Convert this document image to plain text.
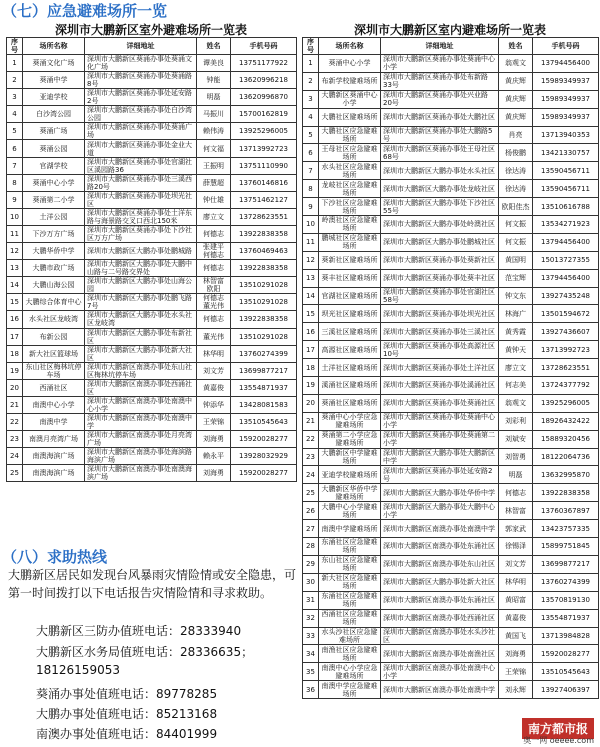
（七）应急避难场所一览
深圳市大鹏新区室外避难场所一览表
序号	场所名称	详细地址	姓名	手机号码
1	葵涌文化广场	深圳市大鹏新区葵涌办事处葵涌文化广场	谭美良	13751177922
2	葵涌中学	深圳市大鹏新区葵涌办事处葵涌路8号	钟能	13620996218
3	亚迪学校	深圳市大鹏新区葵涌办事处延安路2号	明磊	13620996870
4	白沙湾公园	深圳市大鹏新区葵涌办事处白沙湾公园	马振川	15700162819
5	葵涌广场	深圳市大鹏新区葵涌办事处葵涌广场	赖伟涛	13925296005
6	葵涌公园	深圳市大鹏新区葵涌办事处金业大道	何文福	13713992723
7	官湖学校	深圳市大鹏新区葵涌办事处官湖社区溪园路36	王振明	13751110990
8	葵涌中心小学	深圳市大鹏新区葵涌办事处三溪西路20号	薛慧超	13760146816
9	葵涌第二小学	深圳市大鹏新区葵涌办事处坝光社区	钟仕雄	13751462127
10	土洋公园	深圳市大鹏新区葵涌办事处土洋东路与海景路交叉口西北150米	廖立文	13728623551
11	下沙万方广场	深圳市大鹏新区葵涌办事处下沙社区万方广场	何德志	13922838358
12	大鹏华侨中学	深圳市大鹏新区大鹏办事处鹏城路	张建平 何德志	13760469463
13	大鹏市政广场	深圳市大鹏新区大鹏办事处大鹏中山路与二号路交界处	何德志	13922838358
14	大鹏山海公园	深圳市大鹏新区大鹏办事处山海公园	林智富 欧阳	13510291028
15	大鹏综合体育中心	深圳市大鹏新区大鹏办事处鹏飞路7号	何德志 董光伟	13510291028
16	水头社区龙岐湾	深圳市大鹏新区大鹏办事处水头社区龙岐湾	何德志	13922838358
17	布新公园	深圳市大鹏新区大鹏办事处布新社区	董光伟	13510291028
18	新大社区篮球场	深圳市大鹏新区大鹏办事处新大社区	林华明	13760274399
19	东山社区梅林坑停车场	深圳市大鹏新区南澳办事处东山社区梅林坑停车场	刘文芳	13699877217
20	西涌社区	深圳市大鹏新区南澳办事处西涌社区	黄嘉俊	13554871937
21	南澳中心小学	深圳市大鹏新区南澳办事处南澳中心小学	钟添华	13428081583
22	南澳中学	深圳市大鹏新区南澳办事处南澳中学	王荣锦	13510545643
23	南澳月亮湾广场	深圳市大鹏新区南澳办事处月亮湾广场	刘海勇	15920028277
24	南澳海滨广场	深圳市大鹏新区南澳办事处海滨路海滨广场	赖永平	13928032929
25	南澳海滨广场	深圳市大鹏新区南澳办事处南澳海滨广场	刘海勇	15920028277
深圳市大鹏新区室内避难场所一览表
序号	场所名称	详细地址	姓名	手机号码
1	葵涌中心小学	深圳市大鹏新区葵涌办事处葵涌中心小学	翁观文	13794456400
2	布新学校避难场所	深圳市大鹏新区葵涌办事处布新路33号	黄庆辉	15989349937
3	大鹏新区葵涌中心小学	深圳市大鹏新区葵涌办事处兴业路20号	黄庆辉	15989349937
4	大鹏社区避难场所	深圳市大鹏新区葵涌办事处大鹏社区	黄庆辉	15989349937
5	大鹏社区应急避难场所	深圳市大鹏新区葵涌办事处大鹏路5号	肖亮	13713940353
6	王母社区应急避难场所	深圳市大鹏新区葵涌办事处王母社区68号	杨俊鹏	13421330757
7	水头社区应急避难场所	深圳市大鹏新区大鹏办事处水头社区	徐达涛	13590456711
8	龙岐社区应急避难场所	深圳市大鹏新区大鹏办事处龙岐社区	徐达涛	13590456711
9	下沙社区应急避难场所	深圳市大鹏新区大鹏办事处下沙社区55号	欧阳佳杰	13510616788
10	岭澳社区应急避难场所	深圳市大鹏新区大鹏办事处岭澳社区	何文振	13534271923
11	鹏城社区应急避难场所	深圳市大鹏新区大鹏办事处鹏城社区	何文振	13794456400
12	葵新社区避难场所	深圳市大鹏新区葵涌办事处葵新社区	黄国明	15013727355
13	葵丰社区避难场所	深圳市大鹏新区葵涌办事处葵丰社区	范宝辉	13794456400
14	官湖社区避难场所	深圳市大鹏新区葵涌办事处官湖社区58号	钟文东	13927435248
15	坝光社区避难场所	深圳市大鹏新区葵涌办事处坝光社区	林海广	13501594672
16	三溪社区避难场所	深圳市大鹏新区葵涌办事处三溪社区	黄秀霞	13927436607
17	高源社区避难场所	深圳市大鹏新区葵涌办事处高源社区10号	黄钟天	13713992723
18	土洋社区避难场所	深圳市大鹏新区葵涌办事处土洋社区	廖立文	13728623551
19	溪涌社区避难场所	深圳市大鹏新区葵涌办事处溪涌社区	何志美	13724377792
20	葵涌社区避难场所	深圳市大鹏新区葵涌办事处葵涌社区	翁观文	13925296005
21	葵涌中心小学应急避难场所	深圳市大鹏新区葵涌办事处葵涌中心小学	刘彩利	18926432422
22	葵涌第二小学应急避难场所	深圳市大鹏新区葵涌办事处葵涌第二小学	刘斌安	15889320456
23	大鹏新区中学避难场所	深圳市大鹏新区大鹏办事处大鹏新区中学	刘智勇	18122064736
24	亚迪学校避难场所	深圳市大鹏新区葵涌办事处延安路2号	明磊	13632995870
25	大鹏新区华侨中学避难场所	深圳市大鹏新区大鹏办事处华侨中学	何德志	13922838358
26	大鹏中心小学避难场所	深圳市大鹏新区大鹏办事处大鹏中心小学	林智富	13760367897
27	南澳中学避难场所	深圳市大鹏新区南澳办事处南澳中学	郭家武	13423757335
28	东涌社区应急避难场所	深圳市大鹏新区南澳办事处东涌社区	徐锡泽	15899751845
29	东山社区应急避难场所	深圳市大鹏新区南澳办事处东山社区	刘文芳	13699877217
30	新大社区应急避难场所	深圳市大鹏新区大鹏办事处新大社区	林华明	13760274399
31	东涌社区应急避难场所	深圳市大鹏新区南澳办事处东涌社区	黄昭富	13570819130
32	西涌社区应急避难场所	深圳市大鹏新区南澳办事处西涌社区	黄嘉俊	13554871937
33	水头沙社区应急避难场所	深圳市大鹏新区南澳办事处水头沙社区	黄国飞	13713984828
34	南渔社区应急避难场所	深圳市大鹏新区南澳办事处南渔社区	刘海勇	15920028277
35	南澳中心小学应急避难场所	深圳市大鹏新区南澳办事处南澳中心小学	王荣锦	13510545643
36	南澳中学应急避难场所	深圳市大鹏新区南澳办事处南澳中学	刘永辉	13927406397
（八）求助热线
大鹏新区居民如发现台风暴雨灾情险情或安全隐患，可第一时间拨打以下电话报告灾情险情和寻求救助。
大鹏新区三防办值班电话：28333940
大鹏新区水务局值班电话：28336635；18126159053
葵涌办事处值班电话：89778285
大鹏办事处值班电话：85213168
南澳办事处值班电话：84401999	南方都市报
奥一网 oeeee.com
